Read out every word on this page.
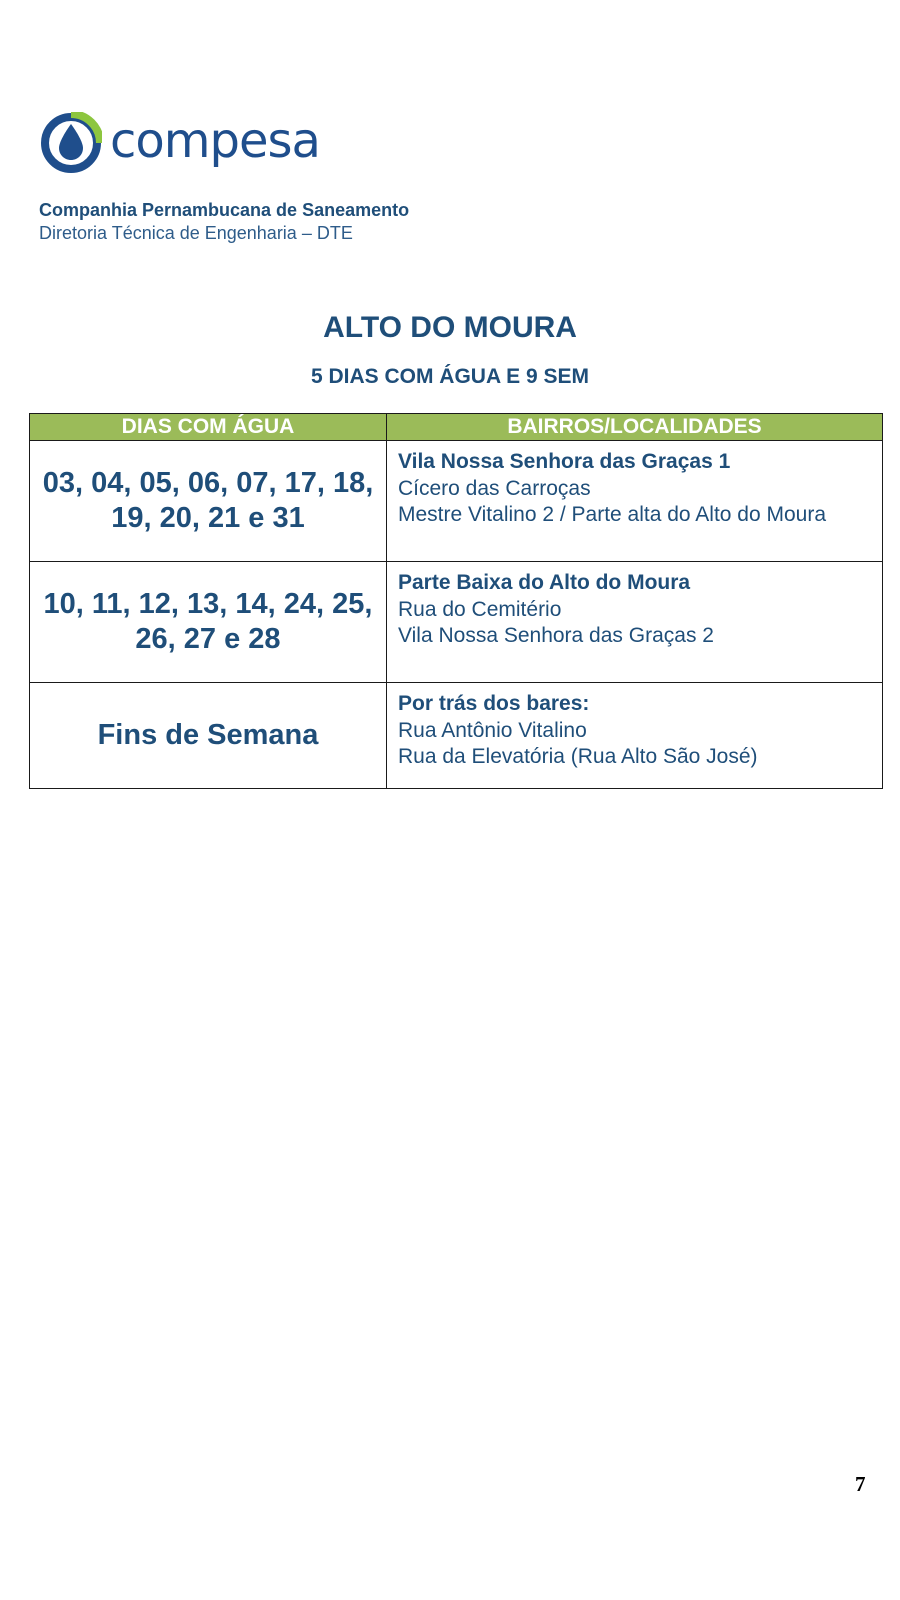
compesa
Companhia Pernambucana de Saneamento
Diretoria Técnica de Engenharia – DTE
ALTO DO MOURA
5 DIAS COM ÁGUA E 9 SEM
DIAS COM ÁGUA	BAIRROS/LOCALIDADES
03, 04, 05, 06, 07, 17, 18, 19, 20, 21 e 31	Vila Nossa Senhora das Graças 1
Cícero das Carroças
Mestre Vitalino 2 / Parte alta do Alto do Moura

10, 11, 12, 13, 14, 24, 25, 26, 27 e 28	Parte Baixa do Alto do Moura
Rua do Cemitério
Vila Nossa Senhora das Graças 2

Fins de Semana	Por trás dos bares:
Rua Antônio Vitalino
Rua da Elevatória (Rua Alto São José)
7
